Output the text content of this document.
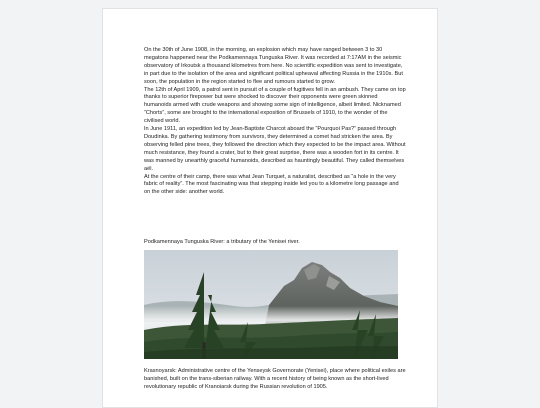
On the 30th of June 1908, in the morning, an explosion which may have ranged between 3 to 30 megatons happened near the Podkamennaya Tunguska River. It was recorded at 7:17AM in the seismic observatory of Irkoutsk a thousand kilometres from here. No scientific expedition was sent to investigate, in part due to the isolation of the area and significant political upheaval affecting Russia in the 1910s. But soon, the population in the region started to flee and rumours started to grow.

The 12th of April 1909, a patrol sent in pursuit of a couple of fugitives fell in an ambush. They came on top thanks to superior firepower but were shocked to discover their opponents were green skinned humanoids armed with crude weapons and showing some sign of intelligence, albeit limited. Nicknamed “Chorts”, some are brought to the international exposition of Brussels of 1910, to the wonder of the civilised world.

In June 1911, an expedition led by Jean-Baptiste Charcot aboard the “Pourquoi Pas?” passed through Doudinka. By gathering testimony from survivors, they determined a comet had stricken the area. By observing felled pine trees, they followed the direction which they expected to be the impact area. Without much resistance, they found a crater, but to their great surprise, there was a wooden fort in its centre. It was manned by unearthly graceful humanoids, described as hauntingly beautiful. They called themselves aël.

At the centre of their camp, there was what Jean Turquet, a naturalist, described as “a hole in the very fabric of reality”. The most fascinating was that stepping inside led you to a kilometre long passage and on the other side: another world.

Podkamennaya Tunguska River: a tributary of the Yenisei river.

Krasnoyarsk: Administrative centre of the Yenseysk Governorate (Yenisei), place where political exiles are banished, built on the trans-siberian railway. With a recent history of being known as the short-lived revolutionary republic of Kranoiarsk during the Russian revolution of 1905.
